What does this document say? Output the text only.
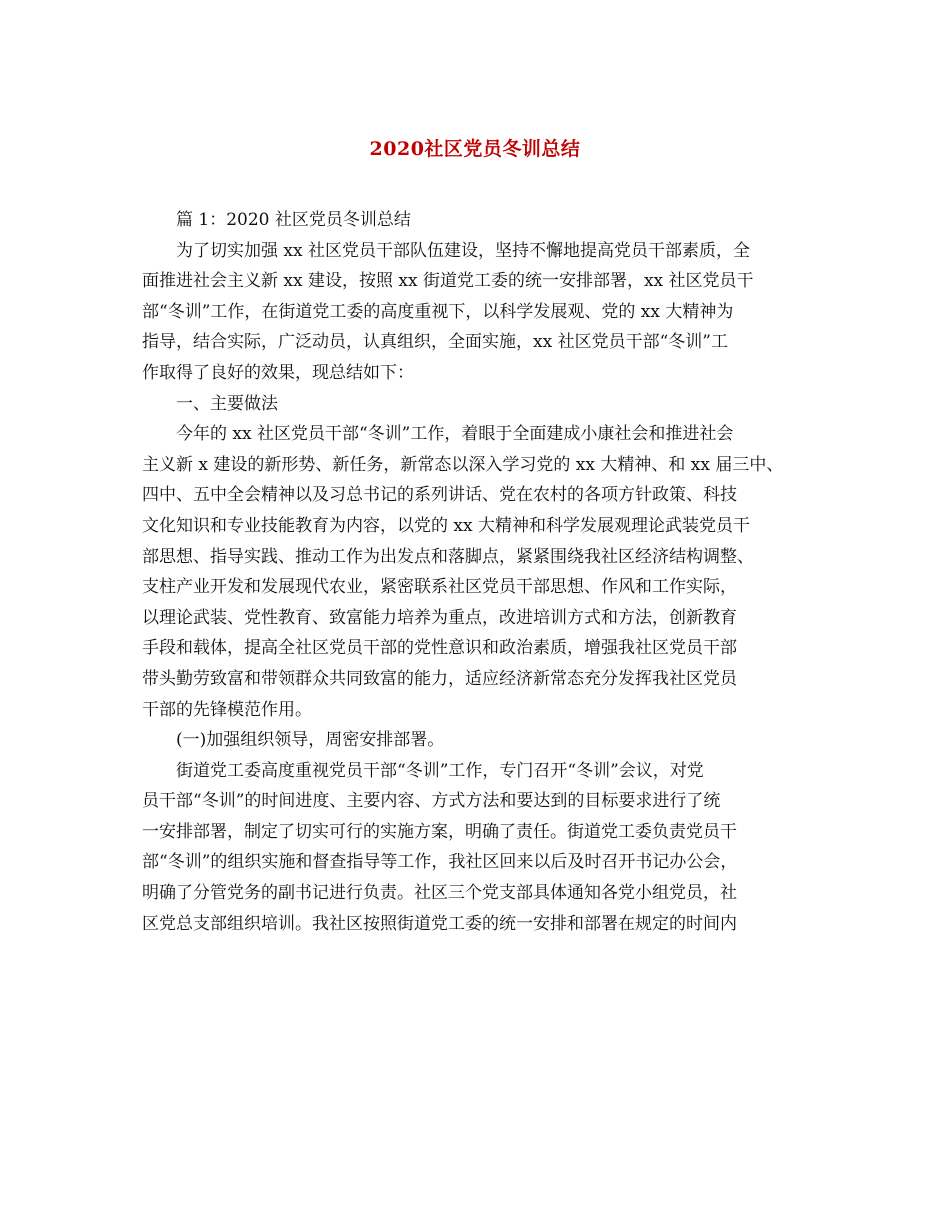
2020社区党员冬训总结
篇 1：2020 社区党员冬训总结
为了切实加强 xx 社区党员干部队伍建设，坚持不懈地提高党员干部素质，全
面推进社会主义新 xx 建设，按照 xx 街道党工委的统一安排部署，xx 社区党员干
部“冬训”工作，在街道党工委的高度重视下，以科学发展观、党的 xx 大精神为
指导，结合实际，广泛动员，认真组织，全面实施，xx 社区党员干部“冬训”工
作取得了良好的效果，现总结如下：
一、主要做法
今年的 xx 社区党员干部“冬训”工作，着眼于全面建成小康社会和推进社会
主义新 x 建设的新形势、新任务，新常态以深入学习党的 xx 大精神、和 xx 届三中、
四中、五中全会精神以及习总书记的系列讲话、党在农村的各项方针政策、科技
文化知识和专业技能教育为内容，以党的 xx 大精神和科学发展观理论武装党员干
部思想、指导实践、推动工作为出发点和落脚点，紧紧围绕我社区经济结构调整、
支柱产业开发和发展现代农业，紧密联系社区党员干部思想、作风和工作实际，
以理论武装、党性教育、致富能力培养为重点，改进培训方式和方法，创新教育
手段和载体，提高全社区党员干部的党性意识和政治素质，增强我社区党员干部
带头勤劳致富和带领群众共同致富的能力，适应经济新常态充分发挥我社区党员
干部的先锋模范作用。
(一)加强组织领导，周密安排部署。
街道党工委高度重视党员干部“冬训”工作，专门召开“冬训”会议，对党
员干部“冬训”的时间进度、主要内容、方式方法和要达到的目标要求进行了统
一安排部署，制定了切实可行的实施方案，明确了责任。街道党工委负责党员干
部“冬训”的组织实施和督查指导等工作，我社区回来以后及时召开书记办公会，
明确了分管党务的副书记进行负责。社区三个党支部具体通知各党小组党员，社
区党总支部组织培训。我社区按照街道党工委的统一安排和部署在规定的时间内
